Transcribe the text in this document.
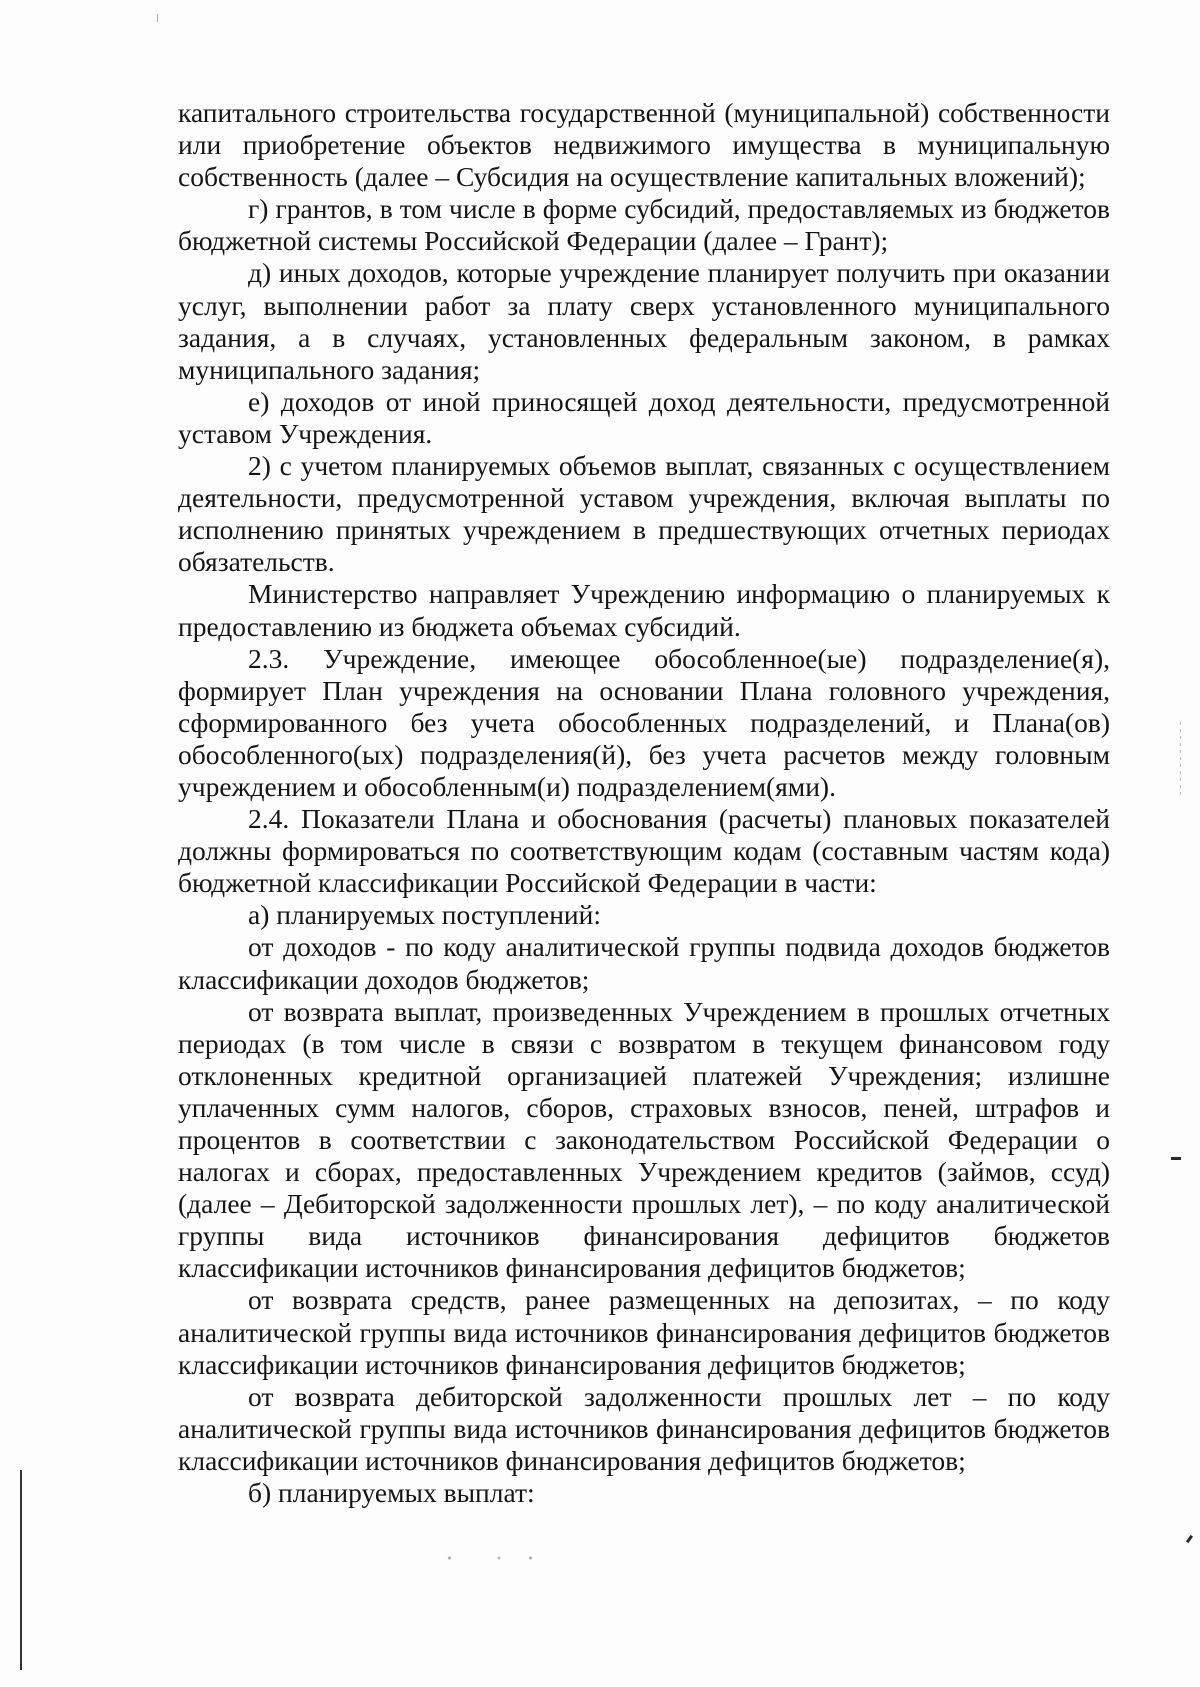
капитального строительства государственной (муниципальной) собственности или приобретение объектов недвижимого имущества в муниципальную собственность (далее – Субсидия на осуществление капитальных вложений);

г) грантов, в том числе в форме субсидий, предоставляемых из бюджетов бюджетной системы Российской Федерации (далее – Грант);

д) иных доходов, которые учреждение планирует получить при оказании услуг, выполнении работ за плату сверх установленного муниципального задания, а в случаях, установленных федеральным законом, в рамках муниципального задания;

е) доходов от иной приносящей доход деятельности, предусмотренной уставом Учреждения.

2) с учетом планируемых объемов выплат, связанных с осуществлением деятельности, предусмотренной уставом учреждения, включая выплаты по исполнению принятых учреждением в предшествующих отчетных периодах обязательств.

Министерство направляет Учреждению информацию о планируемых к предоставлению из бюджета объемах субсидий.

2.3. Учреждение, имеющее обособленное(ые) подразделение(я), формирует План учреждения на основании Плана головного учреждения, сформированного без учета обособленных подразделений, и Плана(ов) обособленного(ых) подразделения(й), без учета расчетов между головным учреждением и обособленным(и) подразделением(ями).

2.4. Показатели Плана и обоснования (расчеты) плановых показателей должны формироваться по соответствующим кодам (составным частям кода) бюджетной классификации Российской Федерации в части:

а) планируемых поступлений:

от доходов - по коду аналитической группы подвида доходов бюджетов классификации доходов бюджетов;

от возврата выплат, произведенных Учреждением в прошлых отчетных периодах (в том числе в связи с возвратом в текущем финансовом году отклоненных кредитной организацией платежей Учреждения; излишне уплаченных сумм налогов, сборов, страховых взносов, пеней, штрафов и процентов в соответствии с законодательством Российской Федерации о налогах и сборах, предоставленных Учреждением кредитов (займов, ссуд) (далее – Дебиторской задолженности прошлых лет), – по коду аналитической группы вида источников финансирования дефицитов бюджетов классификации источников финансирования дефицитов бюджетов;

от возврата средств, ранее размещенных на депозитах, – по коду аналитической группы вида источников финансирования дефицитов бюджетов классификации источников финансирования дефицитов бюджетов;

от возврата дебиторской задолженности прошлых лет – по коду аналитической группы вида источников финансирования дефицитов бюджетов классификации источников финансирования дефицитов бюджетов;

б) планируемых выплат:
